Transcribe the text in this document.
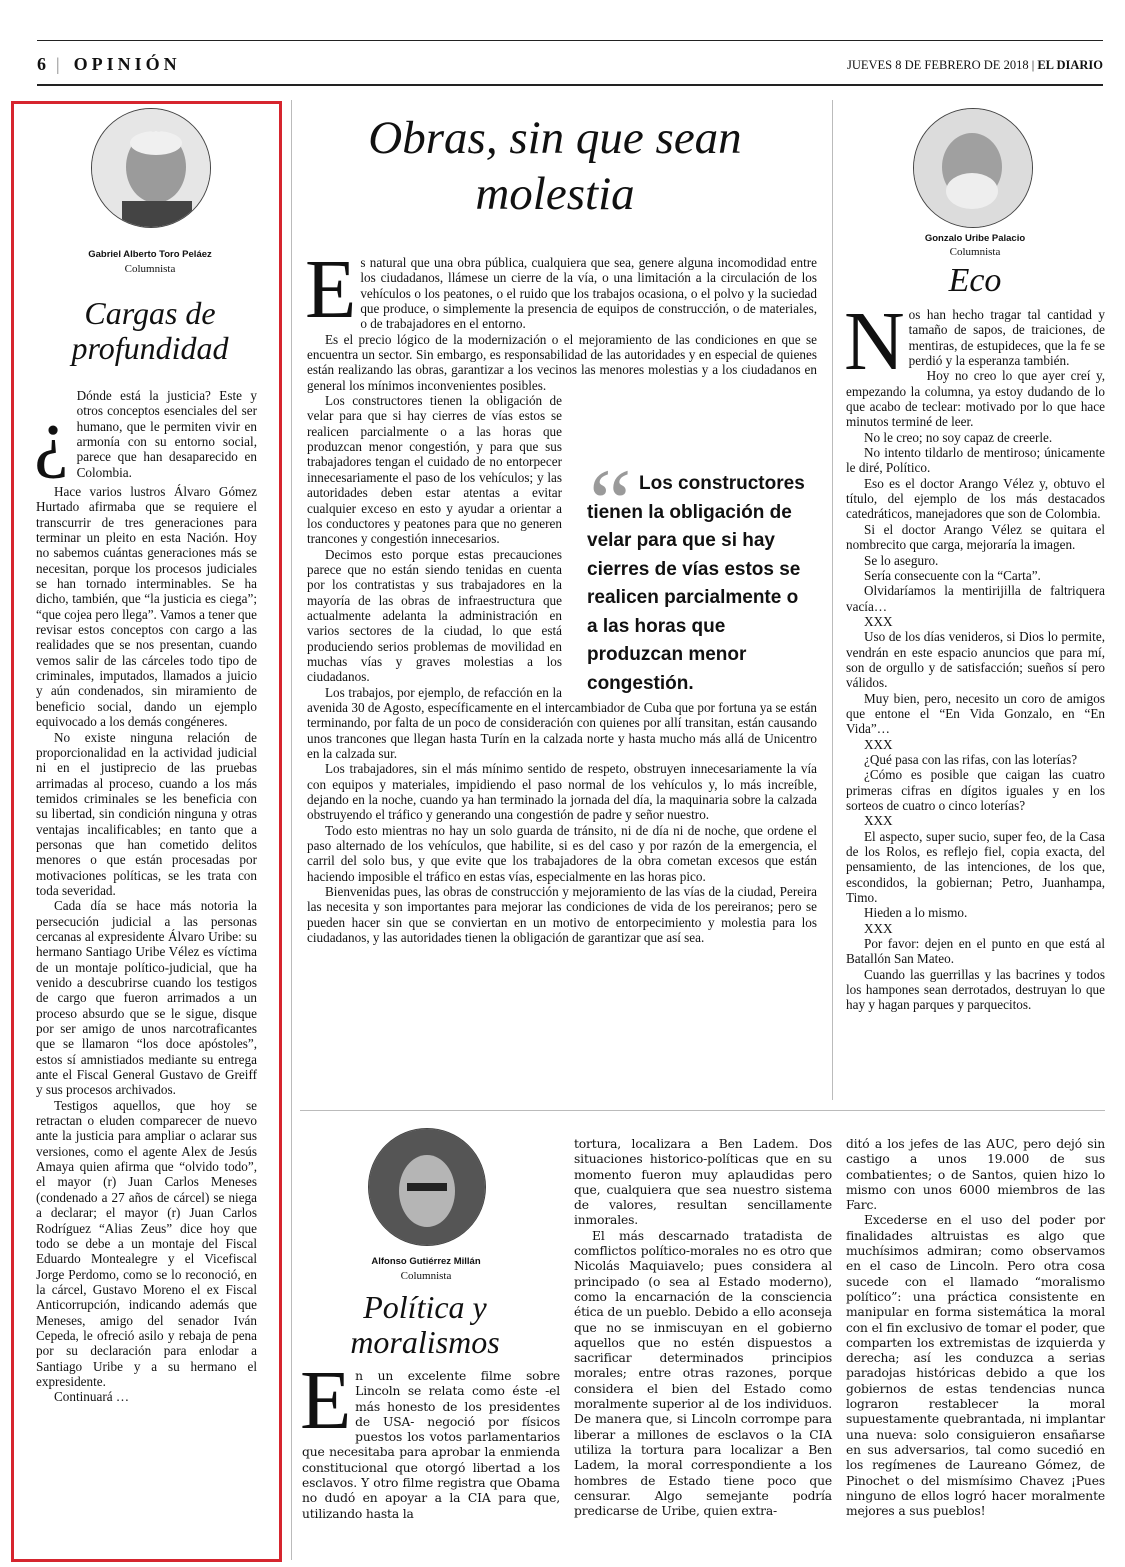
6 | OPINIÓN	JUEVES 8 DE FEBRERO DE 2018 | EL DIARIO
Gabriel Alberto Toro Peláez
Columnista
Cargas de profundidad
¿ Dónde está la justicia? Este y otros conceptos esenciales del ser humano, que le permiten vivir en armonía con su entorno social, parece que han desaparecido en Colombia.

Hace varios lustros Álvaro Gómez Hurtado afirmaba que se requiere el transcurrir de tres generaciones para terminar un pleito en esta Nación. Hoy no sabemos cuántas generaciones más se necesitan, porque los procesos judiciales se han tornado interminables. Se ha dicho, también, que “la justicia es ciega”; “que cojea pero llega”. Vamos a tener que revisar estos conceptos con cargo a las realidades que se nos presentan, cuando vemos salir de las cárceles todo tipo de criminales, imputados, llamados a juicio y aún condenados, sin miramiento de beneficio social, dando un ejemplo equivocado a los demás congéneres.

No existe ninguna relación de proporcionalidad en la actividad judicial ni en el justiprecio de las pruebas arrimadas al proceso, cuando a los más temidos criminales se les beneficia con su libertad, sin condición ninguna y otras ventajas incalificables; en tanto que a personas que han cometido delitos menores o que están procesadas por motivaciones políticas, se les trata con toda severidad.

Cada día se hace más notoria la persecución judicial a las personas cercanas al expresidente Álvaro Uribe: su hermano Santiago Uribe Vélez es víctima de un montaje político-judicial, que ha venido a descubrirse cuando los testigos de cargo que fueron arrimados a un proceso absurdo que se le sigue, disque por ser amigo de unos narcotraficantes que se llamaron “los doce apóstoles”, estos sí amnistiados mediante su entrega ante el Fiscal General Gustavo de Greiff y sus procesos archivados.

Testigos aquellos, que hoy se retractan o eluden comparecer de nuevo ante la justicia para ampliar o aclarar sus versiones, como el agente Alex de Jesús Amaya quien afirma que “olvido todo”, el mayor (r) Juan Carlos Meneses (condenado a 27 años de cárcel) se niega a declarar; el mayor (r) Juan Carlos Rodríguez “Alias Zeus” dice hoy que todo se debe a un montaje del Fiscal Eduardo Montealegre y el Vicefiscal Jorge Perdomo, como se lo reconoció, en la cárcel, Gustavo Moreno el ex Fiscal Anticorrupción, indicando además que Meneses, amigo del senador Iván Cepeda, le ofreció asilo y rebaja de pena por su declaración para enlodar a Santiago Uribe y a su hermano el expresidente.

Continuará …

Obras, sin que sean molestia
E s natural que una obra pública, cualquiera que sea, genere alguna incomodidad entre los ciudadanos, llámese un cierre de la vía, o una limitación a la circulación de los vehículos o los peatones, o el ruido que los trabajos ocasiona, o el polvo y la suciedad que produce, o simplemente la presencia de equipos de construcción, o de materiales, o de trabajadores en el entorno.

Es el precio lógico de la modernización o el mejoramiento de las condiciones en que se encuentra un sector. Sin embargo, es responsabilidad de las autoridades y en especial de quienes están realizando las obras, garantizar a los vecinos las menores molestias y a los ciudadanos en general los mínimos inconvenientes posibles.

Los constructores tienen la obligación de velar para que si hay cierres de vías estos se realicen parcialmente o a las horas que produzcan menor congestión, y para que sus trabajadores tengan el cuidado de no entorpecer innecesariamente el paso de los vehículos; y las autoridades deben estar atentas a evitar cualquier exceso en esto y ayudar a orientar a los conductores y peatones para que no generen trancones y congestión innecesarios.

Decimos esto porque estas precauciones parece que no están siendo tenidas en cuenta por los contratistas y sus trabajadores en la mayoría de las obras de infraestructura que actualmente adelanta la administración en varios sectores de la ciudad, lo que está produciendo serios problemas de movilidad en muchas vías y graves molestias a los ciudadanos.

Los trabajos, por ejemplo, de refacción en la avenida 30 de Agosto, específicamente en el intercambiador de Cuba que por fortuna ya se están terminando, por falta de un poco de consideración con quienes por allí transitan, están causando unos trancones que llegan hasta Turín en la calzada norte y hasta mucho más allá de Unicentro en la calzada sur.

Los trabajadores, sin el más mínimo sentido de respeto, obstruyen innecesariamente la vía con equipos y materiales, impidiendo el paso normal de los vehículos y, lo más increíble, dejando en la noche, cuando ya han terminado la jornada del día, la maquinaria sobre la calzada obstruyendo el tráfico y generando una congestión de padre y señor nuestro.

Todo esto mientras no hay un solo guarda de tránsito, ni de día ni de noche, que ordene el paso alternado de los vehículos, que habilite, si es del caso y por razón de la emergencia, el carril del solo bus, y que evite que los trabajadores de la obra cometan excesos que están haciendo imposible el tráfico en estas vías, especialmente en las horas pico.

Bienvenidas pues, las obras de construcción y mejoramiento de las vías de la ciudad, Pereira las necesita y son importantes para mejorar las condiciones de vida de los pereiranos; pero se pueden hacer sin que se conviertan en un motivo de entorpecimiento y molestia para los ciudadanos, y las autoridades tienen la obligación de garantizar que así sea.

“ Los constructores tienen la obligación de velar para que si hay cierres de vías estos se realicen parcialmente o a las horas que produzcan menor congestión.
Gonzalo Uribe Palacio
Columnista
Eco
N os han hecho tragar tal cantidad y tamaño de sapos, de traiciones, de mentiras, de estupideces, que la fe se perdió y la esperanza también.

Hoy no creo lo que ayer creí y, empezando la columna, ya estoy dudando de lo que acabo de teclear: motivado por lo que hace minutos terminé de leer.

No le creo; no soy capaz de creerle.

No intento tildarlo de mentiroso; únicamente le diré, Político.

Eso es el doctor Arango Vélez y, obtuvo el título, del ejemplo de los más destacados catedráticos, manejadores que son de Colombia.

Si el doctor Arango Vélez se quitara el nombrecito que carga, mejoraría la imagen.

Se lo aseguro.

Sería consecuente con la “Carta”.

Olvidaríamos la mentirijilla de faltriquera vacía…

XXX

Uso de los días venideros, si Dios lo permite, vendrán en este espacio anuncios que para mí, son de orgullo y de satisfacción; sueños sí pero válidos.

Muy bien, pero, necesito un coro de amigos que entone el “En Vida Gonzalo, en “En Vida”…

XXX

¿Qué pasa con las rifas, con las loterías?

¿Cómo es posible que caigan las cuatro primeras cifras en dígitos iguales y en los sorteos de cuatro o cinco loterías?

XXX

El aspecto, super sucio, super feo, de la Casa de los Rolos, es reflejo fiel, copia exacta, del pensamiento, de las intenciones, de los que, escondidos, la gobiernan; Petro, Juanhampa, Timo.

Hieden a lo mismo.

XXX

Por favor: dejen en el punto en que está al Batallón San Mateo.

Cuando las guerrillas y las bacrines y todos los hampones sean derrotados, destruyan lo que hay y hagan parques y parquecitos.

Alfonso Gutiérrez Millán
Columnista
Política y moralismos
E n un excelente filme sobre Lincoln se relata como éste -el más honesto de los presidentes de USA- negoció por físicos puestos los votos parlamentarios que necesitaba para aprobar la enmienda constitucional que otorgó libertad a los esclavos. Y otro filme registra que Obama no dudó en apoyar a la CIA para que, utilizando hasta la

tortura, localizara a Ben Ladem. Dos situaciones historico-políticas que en su momento fueron muy aplaudidas pero que, cualquiera que sea nuestro sistema de valores, resultan sencillamente inmorales.

El más descarnado tratadista de comflictos político-morales no es otro que Nicolás Maquiavelo; pues considera al principado (o sea al Estado moderno), como la encarnación de la consciencia ética de un pueblo. Debido a ello aconseja que no se inmiscuyan en el gobierno aquellos que no estén dispuestos a sacrificar determinados principios morales; entre otras razones, porque considera el bien del Estado como moralmente superior al de los individuos. De manera que, si Lincoln corrompe para liberar a millones de esclavos o la CIA utiliza la tortura para localizar a Ben Ladem, la moral correspondiente a los hombres de Estado tiene poco que censurar. Algo semejante podría predicarse de Uribe, quien extra-

ditó a los jefes de las AUC, pero dejó sin castigo a unos 19.000 de sus combatientes; o de Santos, quien hizo lo mismo con unos 6000 miembros de las Farc.

Excederse en el uso del poder por finalidades altruistas es algo que muchísimos admiran; como observamos en el caso de Lincoln. Pero otra cosa sucede con el llamado “moralismo político”: una práctica consistente en manipular en forma sistemática la moral con el fin exclusivo de tomar el poder, que comparten los extremistas de izquierda y derecha; así les conduzca a serias paradojas históricas debido a que los gobiernos de estas tendencias nunca lograron restablecer la moral supuestamente quebrantada, ni implantar una nueva: solo consiguieron ensañarse en sus adversarios, tal como sucedió en los regímenes de Laureano Gómez, de Pinochet o del mismísimo Chavez ¡Pues ninguno de ellos logró hacer moralmente mejores a sus pueblos!
